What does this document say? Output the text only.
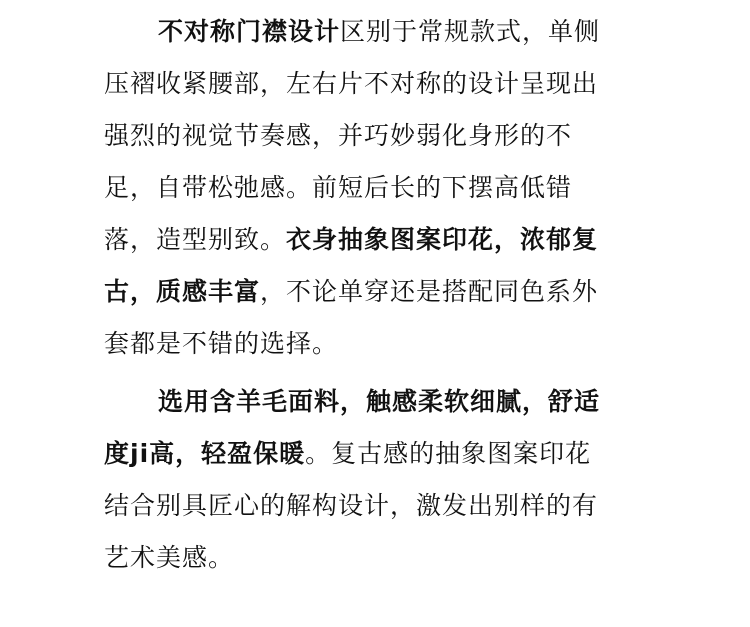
不对称门襟设计区别于常规款式，单侧
压褶收紧腰部，左右片不对称的设计呈现出
强烈的视觉节奏感，并巧妙弱化身形的不
足，自带松弛感。前短后长的下摆高低错
落，造型别致。衣身抽象图案印花，浓郁复
古，质感丰富，不论单穿还是搭配同色系外
套都是不错的选择。
选用含羊毛面料，触感柔软细腻，舒适
度ji高，轻盈保暖。复古感的抽象图案印花
结合别具匠心的解构设计，激发出别样的有
艺术美感。
